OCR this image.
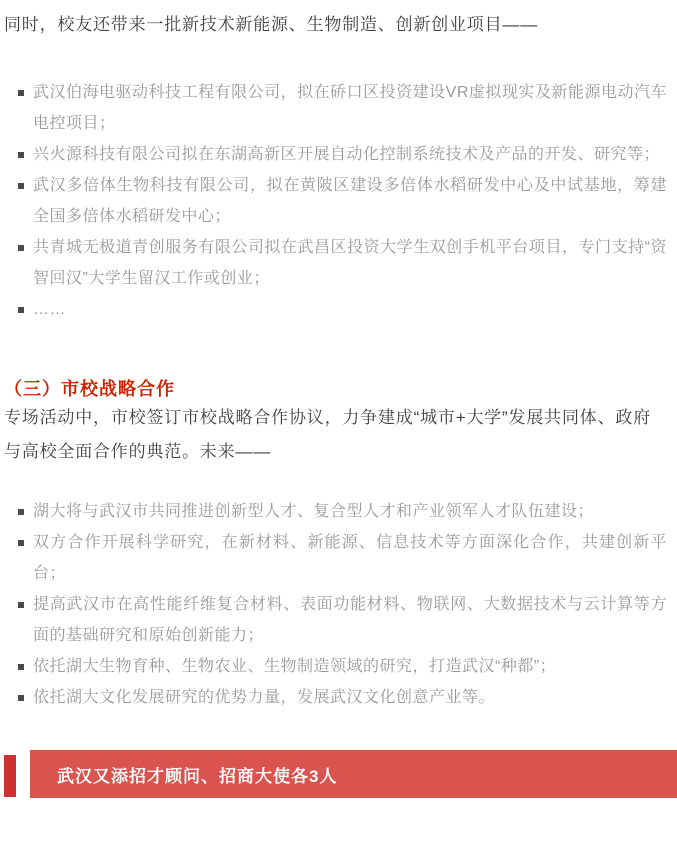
同时，校友还带来一批新技术新能源、生物制造、创新创业项目——

武汉伯海电驱动科技工程有限公司，拟在硚口区投资建设VR虚拟现实及新能源电动汽车电控项目；
兴火源科技有限公司拟在东湖高新区开展自动化控制系统技术及产品的开发、研究等；
武汉多倍体生物科技有限公司，拟在黄陂区建设多倍体水稻研发中心及中试基地，筹建全国多倍体水稻研发中心；
共青城无极道青创服务有限公司拟在武昌区投资大学生双创手机平台项目，专门支持“资智回汉”大学生留汉工作或创业；
……
（三）市校战略合作

专场活动中，市校签订市校战略合作协议，力争建成“城市+大学”发展共同体、政府与高校全面合作的典范。未来——

湖大将与武汉市共同推进创新型人才、复合型人才和产业领军人才队伍建设；
双方合作开展科学研究，在新材料、新能源、信息技术等方面深化合作，共建创新平台；
提高武汉市在高性能纤维复合材料、表面功能材料、物联网、大数据技术与云计算等方面的基础研究和原始创新能力；
依托湖大生物育种、生物农业、生物制造领域的研究，打造武汉“种都”；
依托湖大文化发展研究的优势力量，发展武汉文化创意产业等。
武汉又添招才顾问、招商大使各3人
